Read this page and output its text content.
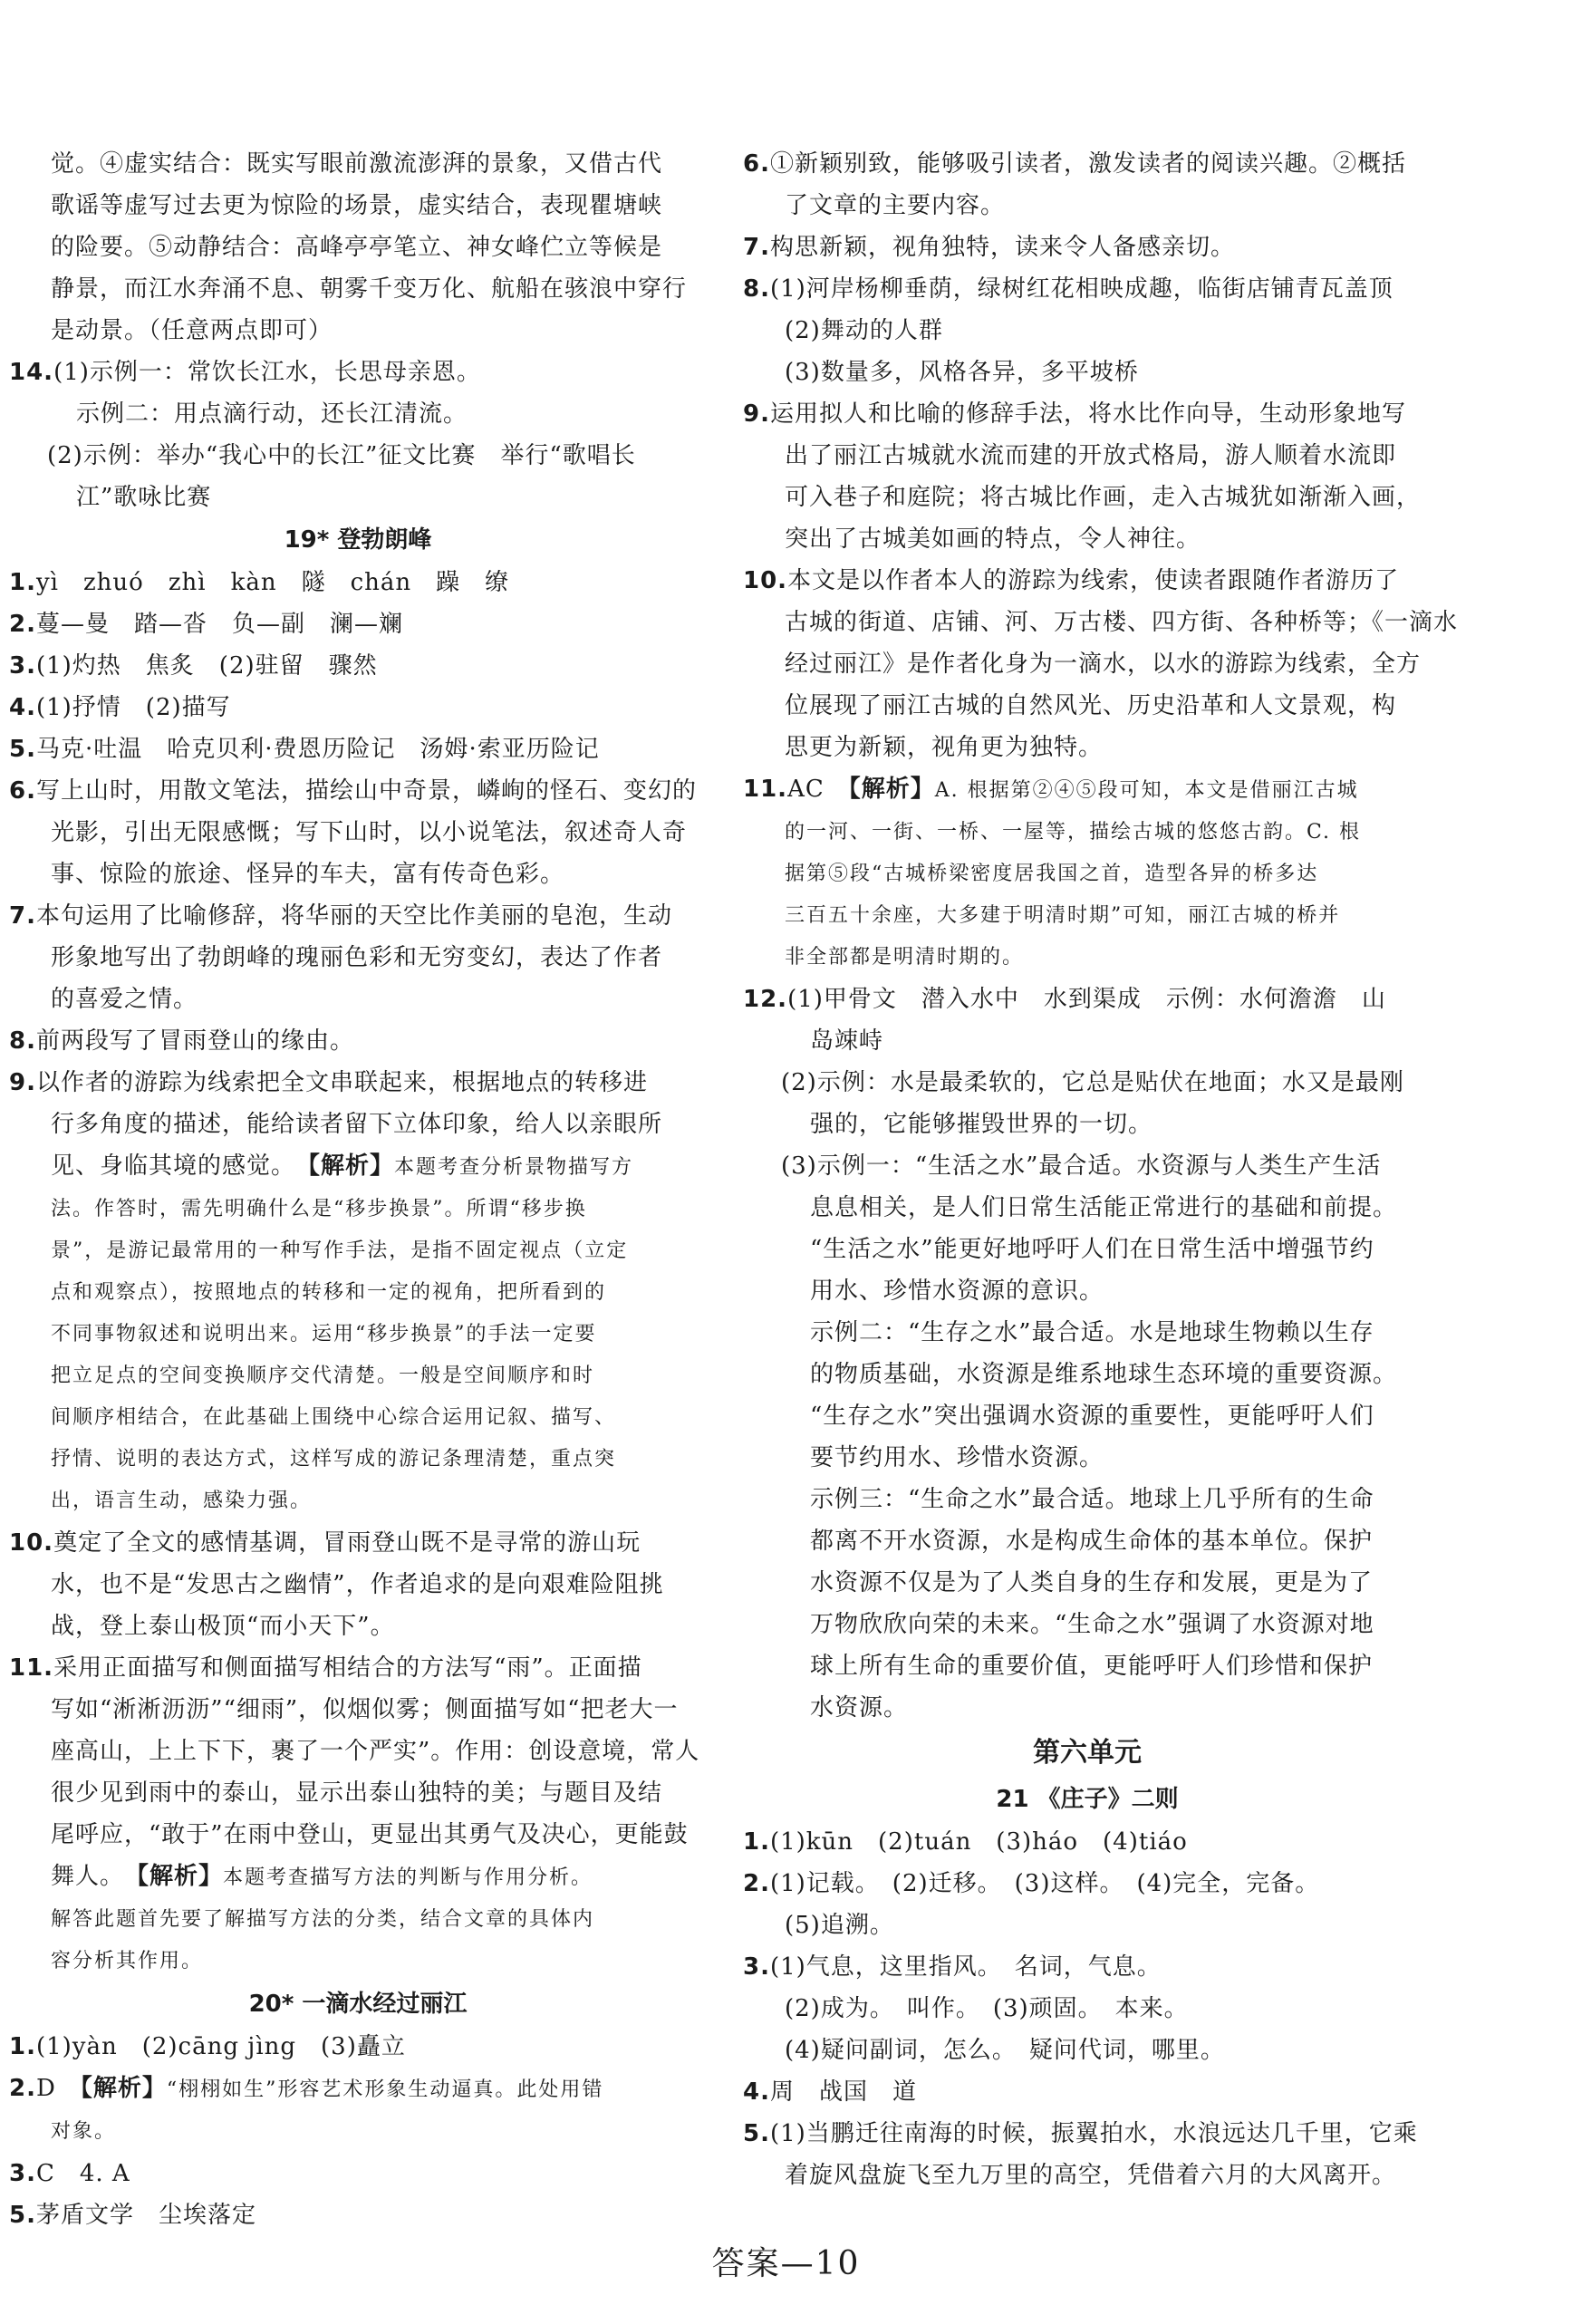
觉。④虚实结合：既实写眼前激流澎湃的景象，又借古代
歌谣等虚写过去更为惊险的场景，虚实结合，表现瞿塘峡
的险要。⑤动静结合：高峰亭亭笔立、神女峰伫立等候是
静景，而江水奔涌不息、朝雾千变万化、航船在骇浪中穿行
是动景。（任意两点即可）
14.(1)示例一：常饮长江水，长思母亲恩。
示例二：用点滴行动，还长江清流。
(2)示例：举办“我心中的长江”征文比赛　举行“歌唱长
江”歌咏比赛
19* 登勃朗峰
1.yì　zhuó　zhì　kàn　隧　chán　躁　缭
2.蔓—曼　踏—沓　负—副　澜—斓
3.(1)灼热　焦炙　(2)驻留　骤然
4.(1)抒情　(2)描写
5.马克·吐温　哈克贝利·费恩历险记　汤姆·索亚历险记
6.写上山时，用散文笔法，描绘山中奇景，嶙峋的怪石、变幻的
光影，引出无限感慨；写下山时，以小说笔法，叙述奇人奇
事、惊险的旅途、怪异的车夫，富有传奇色彩。
7.本句运用了比喻修辞，将华丽的天空比作美丽的皂泡，生动
形象地写出了勃朗峰的瑰丽色彩和无穷变幻，表达了作者
的喜爱之情。
8.前两段写了冒雨登山的缘由。
9.以作者的游踪为线索把全文串联起来，根据地点的转移进
行多角度的描述，能给读者留下立体印象，给人以亲眼所
见、身临其境的感觉。　【解析】本题考查分析景物描写方
法。作答时，需先明确什么是“移步换景”。所谓“移步换
景”，是游记最常用的一种写作手法，是指不固定视点（立定
点和观察点），按照地点的转移和一定的视角，把所看到的
不同事物叙述和说明出来。运用“移步换景”的手法一定要
把立足点的空间变换顺序交代清楚。一般是空间顺序和时
间顺序相结合，在此基础上围绕中心综合运用记叙、描写、
抒情、说明的表达方式，这样写成的游记条理清楚，重点突
出，语言生动，感染力强。
10.奠定了全文的感情基调，冒雨登山既不是寻常的游山玩
水，也不是“发思古之幽情”，作者追求的是向艰难险阻挑
战，登上泰山极顶“而小天下”。
11.采用正面描写和侧面描写相结合的方法写“雨”。正面描
写如“淅淅沥沥”“细雨”，似烟似雾；侧面描写如“把老大一
座高山，上上下下，裹了一个严实”。作用：创设意境，常人
很少见到雨中的泰山，显示出泰山独特的美；与题目及结
尾呼应，“敢于”在雨中登山，更显出其勇气及决心，更能鼓
舞人。　【解析】本题考查描写方法的判断与作用分析。
解答此题首先要了解描写方法的分类，结合文章的具体内
容分析其作用。
20* 一滴水经过丽江
1.(1)yàn　(2)cāng jìng　(3)矗立
2.D　【解析】“栩栩如生”形容艺术形象生动逼真。此处用错
对象。
3.C　4. A
5.茅盾文学　尘埃落定
6.①新颖别致，能够吸引读者，激发读者的阅读兴趣。②概括
了文章的主要内容。
7.构思新颖，视角独特，读来令人备感亲切。
8.(1)河岸杨柳垂荫，绿树红花相映成趣，临街店铺青瓦盖顶
(2)舞动的人群
(3)数量多，风格各异，多平坡桥
9.运用拟人和比喻的修辞手法，将水比作向导，生动形象地写
出了丽江古城就水流而建的开放式格局，游人顺着水流即
可入巷子和庭院；将古城比作画，走入古城犹如渐渐入画，
突出了古城美如画的特点，令人神往。
10.本文是以作者本人的游踪为线索，使读者跟随作者游历了
古城的街道、店铺、河、万古楼、四方街、各种桥等；《一滴水
经过丽江》是作者化身为一滴水，以水的游踪为线索，全方
位展现了丽江古城的自然风光、历史沿革和人文景观，构
思更为新颖，视角更为独特。
11.AC　【解析】A. 根据第②④⑤段可知，本文是借丽江古城
的一河、一街、一桥、一屋等，描绘古城的悠悠古韵。C. 根
据第⑤段“古城桥梁密度居我国之首，造型各异的桥多达
三百五十余座，大多建于明清时期”可知，丽江古城的桥并
非全部都是明清时期的。
12.(1)甲骨文　潜入水中　水到渠成　示例：水何澹澹　山
岛竦峙
(2)示例：水是最柔软的，它总是贴伏在地面；水又是最刚
强的，它能够摧毁世界的一切。
(3)示例一：“生活之水”最合适。水资源与人类生产生活
息息相关，是人们日常生活能正常进行的基础和前提。
“生活之水”能更好地呼吁人们在日常生活中增强节约
用水、珍惜水资源的意识。
示例二：“生存之水”最合适。水是地球生物赖以生存
的物质基础，水资源是维系地球生态环境的重要资源。
“生存之水”突出强调水资源的重要性，更能呼吁人们
要节约用水、珍惜水资源。
示例三：“生命之水”最合适。地球上几乎所有的生命
都离不开水资源，水是构成生命体的基本单位。保护
水资源不仅是为了人类自身的生存和发展，更是为了
万物欣欣向荣的未来。“生命之水”强调了水资源对地
球上所有生命的重要价值，更能呼吁人们珍惜和保护
水资源。
第六单元
21 《庄子》二则
1.(1)kūn　(2)tuán　(3)háo　(4)tiáo
2.(1)记载。　(2)迁移。　(3)这样。　(4)完全，完备。
(5)追溯。
3.(1)气息，这里指风。　名词，气息。
(2)成为。　叫作。　(3)顽固。　本来。
(4)疑问副词，怎么。　疑问代词，哪里。
4.周　战国　道
5.(1)当鹏迁往南海的时候，振翼拍水，水浪远达几千里，它乘
着旋风盘旋飞至九万里的高空，凭借着六月的大风离开。
答案—10
